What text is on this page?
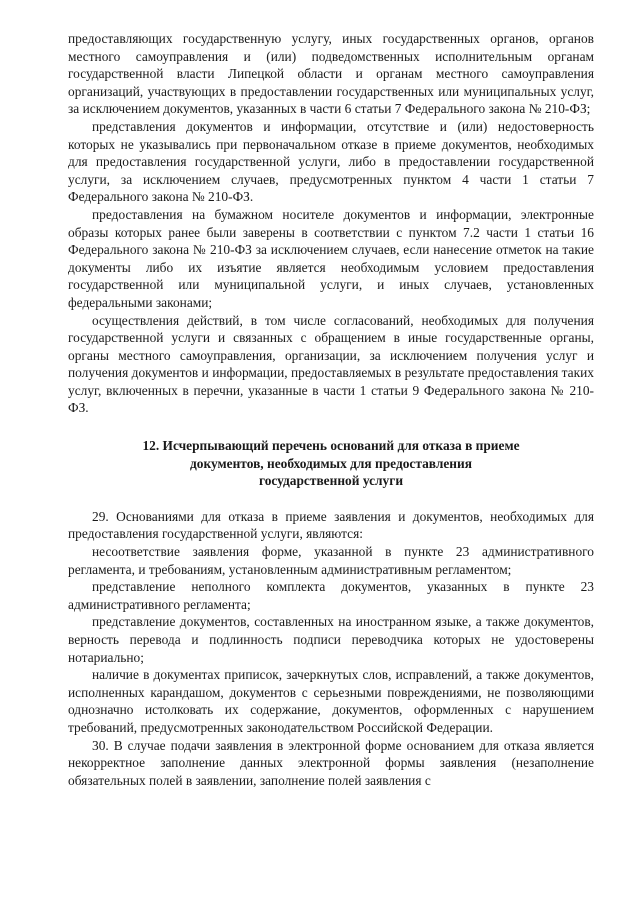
предоставляющих государственную услугу, иных государственных органов, органов местного самоуправления и (или) подведомственных исполнительным органам государственной власти Липецкой области и органам местного самоуправления организаций, участвующих в предоставлении государственных или муниципальных услуг, за исключением документов, указанных в части 6 статьи 7 Федерального закона № 210-ФЗ;

представления документов и информации, отсутствие и (или) недостоверность которых не указывались при первоначальном отказе в приеме документов, необходимых для предоставления государственной услуги, либо в предоставлении государственной услуги, за исключением случаев, предусмотренных пунктом 4 части 1 статьи 7 Федерального закона № 210-ФЗ.

предоставления на бумажном носителе документов и информации, электронные образы которых ранее были заверены в соответствии с пунктом 7.2 части 1 статьи 16 Федерального закона № 210-ФЗ за исключением случаев, если нанесение отметок на такие документы либо их изъятие является необходимым условием предоставления государственной или муниципальной услуги, и иных случаев, установленных федеральными законами;

осуществления действий, в том числе согласований, необходимых для получения государственной услуги и связанных с обращением в иные государственные органы, органы местного самоуправления, организации, за исключением получения услуг и получения документов и информации, предоставляемых в результате предоставления таких услуг, включенных в перечни, указанные в части 1 статьи 9 Федерального закона № 210-ФЗ.

12. Исчерпывающий перечень оснований для отказа в приеме
документов, необходимых для предоставления
государственной услуги

29. Основаниями для отказа в приеме заявления и документов, необходимых для предоставления государственной услуги, являются:

несоответствие заявления форме, указанной в пункте 23 административного регламента, и требованиям, установленным административным регламентом;

представление неполного комплекта документов, указанных в пункте 23 административного регламента;

представление документов, составленных на иностранном языке, а также документов, верность перевода и подлинность подписи переводчика которых не удостоверены нотариально;

наличие в документах приписок, зачеркнутых слов, исправлений, а также документов, исполненных карандашом, документов с серьезными повреждениями, не позволяющими однозначно истолковать их содержание, документов, оформленных с нарушением требований, предусмотренных законодательством Российской Федерации.

30. В случае подачи заявления в электронной форме основанием для отказа является некорректное заполнение данных электронной формы заявления (незаполнение обязательных полей в заявлении, заполнение полей заявления с
